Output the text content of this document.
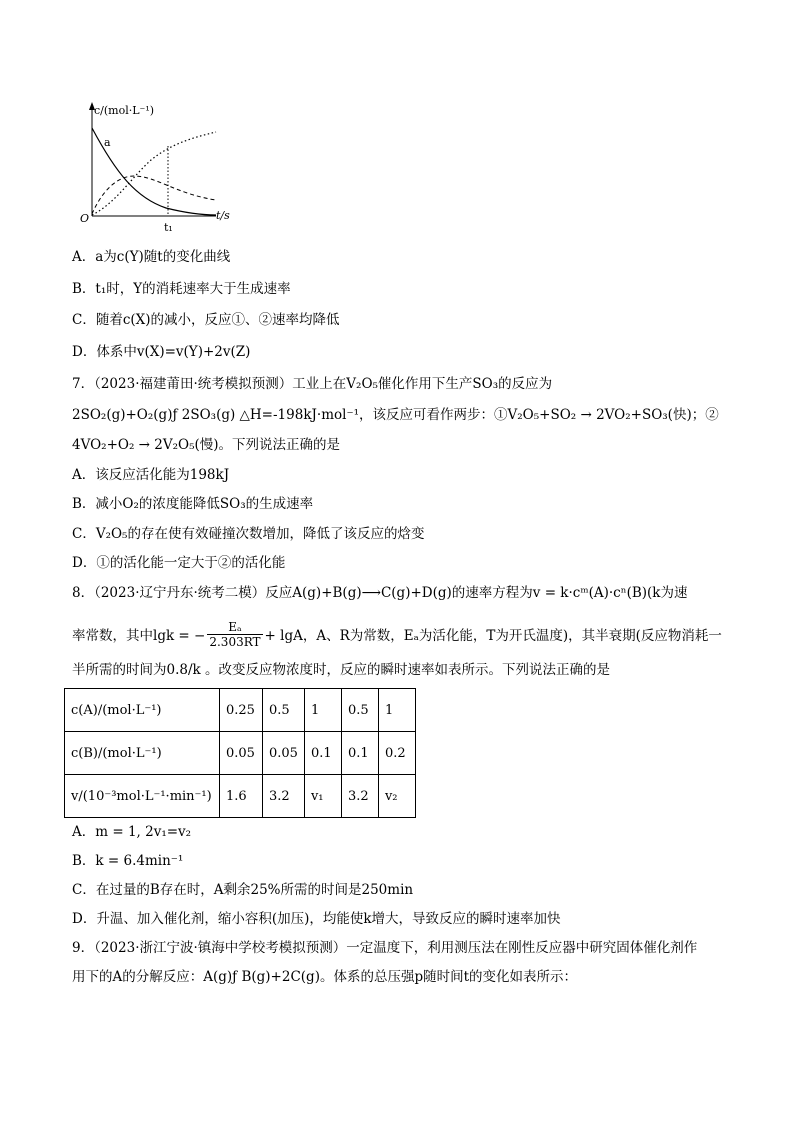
c/(mol·L⁻¹)
t/s
O
a
t₁
A．a为c(Y)随t的变化曲线
B．t₁时，Y的消耗速率大于生成速率
C．随着c(X)的减小，反应①、②速率均降低
D．体系中v(X)=v(Y)+2v(Z)
7．（2023·福建莆田·统考模拟预测）工业上在V₂O₅催化作用下生产SO₃的反应为
2SO₂(g)+O₂(g)ƒ 2SO₃(g) △H=-198kJ·mol⁻¹，该反应可看作两步：①V₂O₅+SO₂ → 2VO₂+SO₃(快)；②
4VO₂+O₂ → 2V₂O₅(慢)。下列说法正确的是
A．该反应活化能为198kJ
B．减小O₂的浓度能降低SO₃的生成速率
C．V₂O₅的存在使有效碰撞次数增加，降低了该反应的焓变
D．①的活化能一定大于②的活化能
8．（2023·辽宁丹东·统考二模）反应A(g)+B(g)⟶C(g)+D(g)的速率方程为v = k·cᵐ(A)·cⁿ(B)(k为速
率常数，其中lgk = − $\frac{\text{Eₐ}}{2.303RT} + \lg A$，A、R为常数，Eₐ为活化能，T为开氏温度)，其半衰期(反应物消耗一
半所需的时间为0.8/k 。改变反应物浓度时，反应的瞬时速率如表所示。下列说法正确的是
c(A)/(mol·L⁻¹)	0.25	0.5	1	0.5	1
c(B)/(mol·L⁻¹)	0.05	0.05	0.1	0.1	0.2
v/(10⁻³mol·L⁻¹·min⁻¹)	1.6	3.2	v₁	3.2	v₂
A．m = 1, 2v₁=v₂
B．k = 6.4min⁻¹
C．在过量的B存在时，A剩余25%所需的时间是250min
D．升温、加入催化剂，缩小容积(加压)，均能使k增大，导致反应的瞬时速率加快
9．（2023·浙江宁波·镇海中学校考模拟预测）一定温度下，利用测压法在刚性反应器中研究固体催化剂作
用下的A的分解反应：A(g)ƒ B(g)+2C(g)。体系的总压强p随时间t的变化如表所示：
